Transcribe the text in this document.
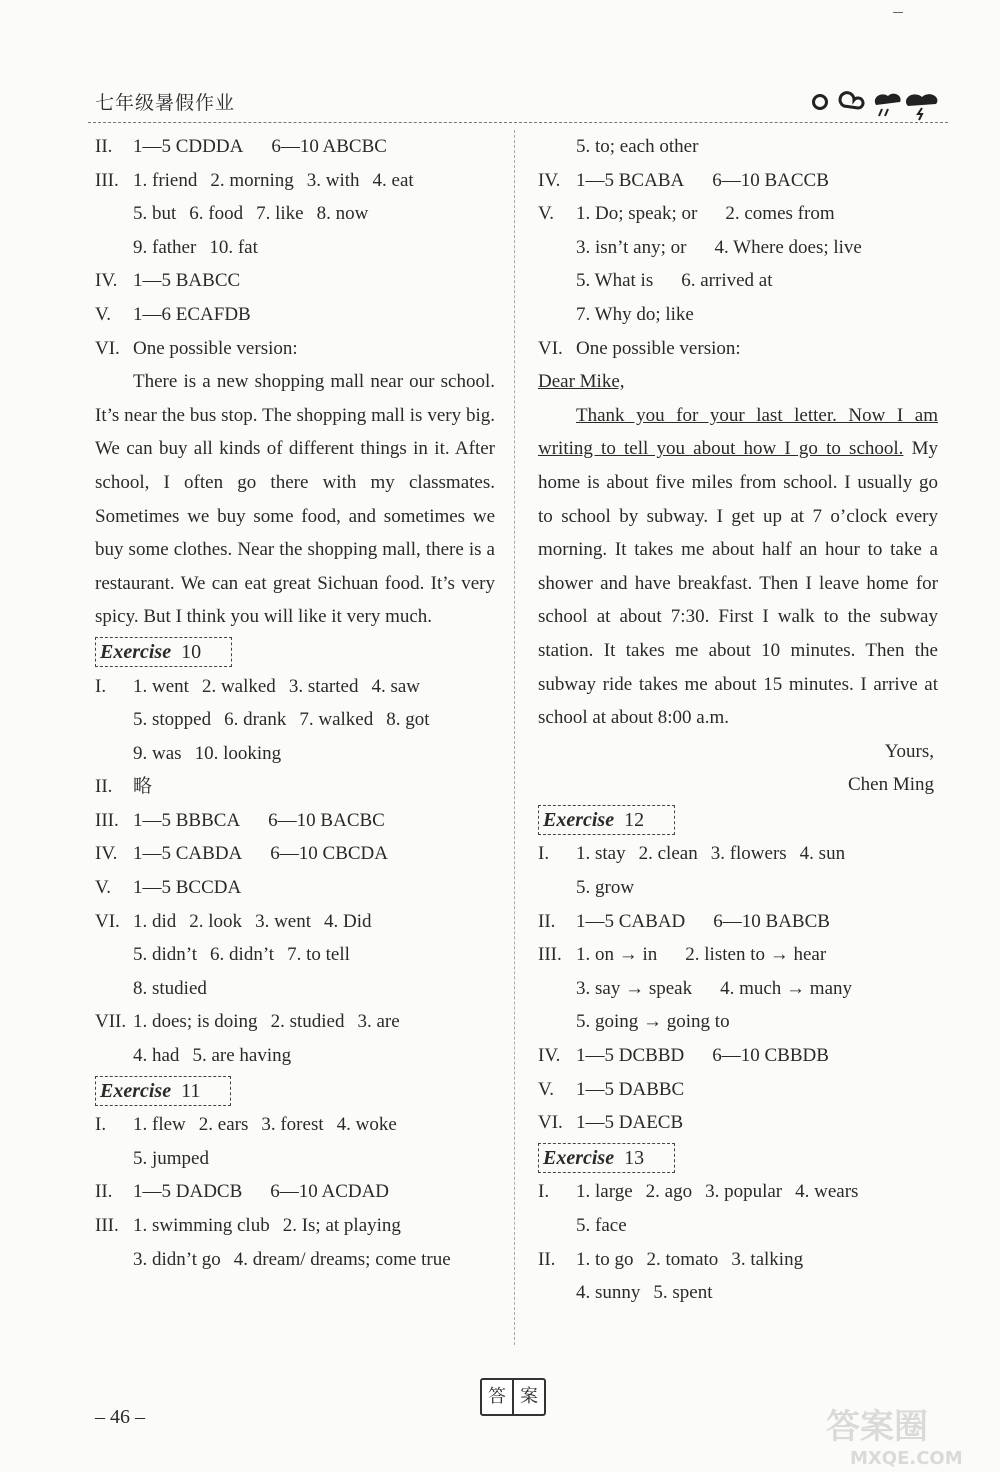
七年级暑假作业
II.	1—5 CDDDA 6—10 ABCBC
III. 1. friend 2. morning 3. with 4. eat
5. but 6. food 7. like 8. now
9. father 10. fat
IV. 1—5 BABCC
V.	1—6 ECAFDB
VI. One possible version:
There is a new shopping mall near our school. It’s near the bus stop. The shopping mall is very big. We can buy all kinds of different things in it. After school, I often go there with my classmates. Sometimes we buy some food, and sometimes we buy some clothes. Near the shopping mall, there is a restaurant. We can eat great Sichuan food. It’s very spicy. But I think you will like it very much.
Exercise 10
I.	1. went 2. walked 3. started 4. saw
5. stopped 6. drank 7. walked 8. got
9. was 10. looking
II.	略
III. 1—5 BBBCA 6—10 BACBC
IV. 1—5 CABDA 6—10 CBCDA
V.	1—5 BCCDA
VI. 1. did 2. look 3. went 4. Did
5. didn’t 6. didn’t 7. to tell
8. studied
VII. 1. does; is doing 2. studied 3. are
4. had 5. are having
Exercise 11
I.	1. flew 2. ears 3. forest 4. woke
5. jumped
II.	1—5 DADCB 6—10 ACDAD
III. 1. swimming club 2. Is; at playing
3. didn’t go 4. dream/ dreams; come true
5. to; each other
IV. 1—5 BCABA 6—10 BACCB
V.	1. Do; speak; or 2. comes from
3. isn’t any; or 4. Where does; live
5. What is 6. arrived at
7. Why do; like
VI. One possible version:
Dear Mike,
Thank you for your last letter. Now I am writing to tell you about how I go to school. My home is about five miles from school. I usually go to school by subway. I get up at 7 o’clock every morning. It takes me about half an hour to take a shower and have breakfast. Then I leave home for school at about 7:30. First I walk to the subway station. It takes me about 10 minutes. Then the subway ride takes me about 15 minutes. I arrive at school at about 8:00 a.m.
Yours,
Chen Ming
Exercise 12
I.	1. stay 2. clean 3. flowers 4. sun
5. grow
II.	1—5 CABAD 6—10 BABCB
III. 1. on → in 2. listen to → hear
3. say → speak 4. much → many
5. going → going to
IV. 1—5 DCBBD 6—10 CBBDB
V.	1—5 DABBC
VI. 1—5 DAECB
Exercise 13
I.	1. large 2. ago 3. popular 4. wears
5. face
II.	1. to go 2. tomato 3. talking
4. sunny 5. spent
答 案
– 46 –	答案圈
MXQE.COM
